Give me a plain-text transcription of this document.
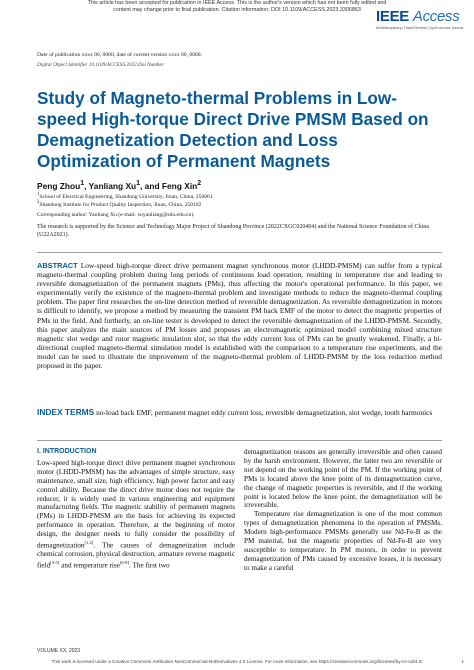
This article has been accepted for publication in IEEE Access. This is the author's version which has not been fully edited and
content may change prior to final publication. Citation information: DOI 10.1109/ACCESS.2023.3306863	IEEE Access
Multidisciplinary | Rapid Review | Open Access Journal
Date of publication xxxx 00, 0000, date of current version xxxx 00, 0000.
Digital Object Identifier 10.1109/ACCESS.2022.Doi Number
Study of Magneto-thermal Problems in Low-speed High-torque Direct Drive PMSM Based on Demagnetization Detection and Loss Optimization of Permanent Magnets
Peng Zhou$^1$, Yanliang Xu$^1$, and Feng Xin$^2$
$^1$School of Electrical Engineering, Shandong University, Jinan, China, 250061
$^2$Shandong Institute for Product Quality Inspection, Jinan, China, 250102
Corresponding author: Yanliang Xu (e-mail: xuyanliang@sdu.edu.cn).
The research is supported by the Science and Technology Major Project of Shandong Province (2022CXGC020404) and the National Science Foundation of China (U22A2021).
ABSTRACT Low-speed high-torque direct drive permanent magnet synchronous motor (LHDD-PMSM) can suffer from a typical magneto-thermal coupling problem during long periods of continuous load operation, resulting in temperature rise and leading to reversible demagnetization of the permanent magnets (PMs), thus affecting the motor's operational performance. In this paper, we experimentally verify the existence of the magneto-thermal problem and investigate methods to reduce the magneto-thermal coupling problem. The paper first researches the on-line detection method of reversible demagnetization. As reversible demagnetization in motors is difficult to identify, we propose a method by measuring the transient PM back EMF of the motor to detect the magnetic properties of PMs in the field. And furtherly, an on-line tester is developed to detect the reversible demagnetization of the LHDD-PMSM. Secondly, this paper analyzes the main sources of PM losses and proposes an electromagnetic optimized model combining mixed structure magnetic slot wedge and rotor magnetic insulation slot, so that the eddy current loss of PMs can be greatly weakened. Finally, a bi-directional coupled magneto-thermal simulation model is established with the comparison to a temperature rise experiments, and the model can be used to illustrate the improvement of the magneto-thermal problem of LHDD-PMSM by the loss reduction method proposed in the paper.
INDEX TERMS no-load back EMF, permanent magnet eddy current loss, reversible demagnetization, slot wedge, tooth harmonics
I. INTRODUCTION

Low-speed high-torque direct drive permanent magnet synchronous motor (LHDD-PMSM) has the advantages of simple structure, easy maintenance, small size, high efficiency, high power factor and easy control ability. Because the direct drive motor does not require the reducer, it is widely used in various engineering and equipment manufacturing fields. The magnetic stability of permanent magnets (PMs) in LHDD-PMSM are the basis for achieving its expected performance in operation. Therefore, at the beginning of motor design, the designer needs to fully consider the possibility of demagnetization[1,2]. The causes of demagnetization include chemical corrosion, physical destruction, armature reverse magnetic field[3-5] and temperature rise[6-8]. The first two

demagnetization reasons are generally irreversible and often caused by the harsh environment. However, the latter two are reversible or not depend on the working point of the PM. If the working point of PMs is located above the knee point of its demagnetization curve, the change of magnetic properties is reversible, and if the working point is located below the knee point, the demagnetization will be irreversible.

Temperature rise demagnetization is one of the most common types of demagnetization phenomena in the operation of PMSMs. Modern high-performance PMSMs generally use Nd-Fe-B as the PM material, but the magnetic properties of Nd-Fe-B are very susceptible to temperature. In PM motors, in order to prevent demagnetization of PMs caused by excessive losses, it is necessary to make a careful

VOLUME XX, 2023
This work is licensed under a Creative Commons Attribution-NonCommercial-NoDerivatives 4.0 License. For more information, see https://creativecommons.org/licenses/by-nc-nd/4.0/	1
